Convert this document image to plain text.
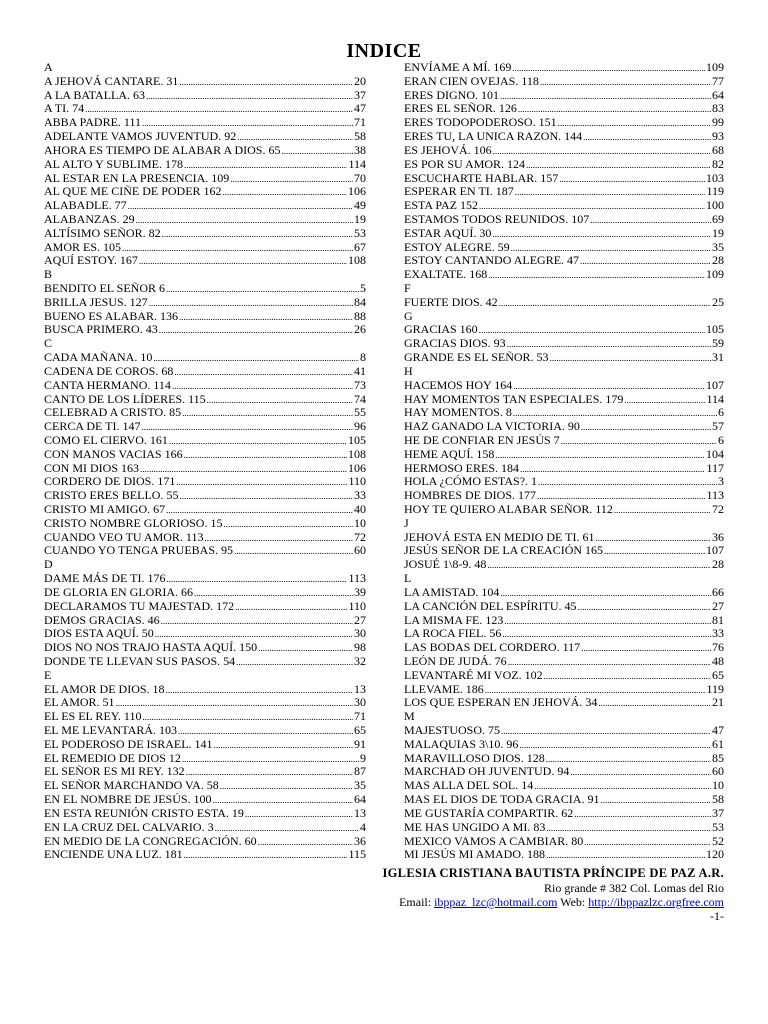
INDICE
A
A JEHOVÁ CANTARE. 31 .....	20
A LA BATALLA. 63 .....	37
A TI. 74 .....	47
ABBA PADRE. 111 .....	71
ADELANTE VAMOS JUVENTUD. 92 .....	58
AHORA ES TIEMPO DE ALABAR A DIOS. 65 .....	38
AL ALTO Y SUBLIME. 178 .....	114
AL ESTAR EN LA PRESENCIA. 109 .....	70
AL QUE ME CIÑE DE PODER 162 .....	106
ALABADLE. 77 .....	49
ALABANZAS. 29 .....	19
ALTÍSIMO SEÑOR. 82 .....	53
AMOR ES. 105 .....	67
AQUÍ ESTOY. 167 .....	108
B
BENDITO EL SEÑOR 6 .....	5
BRILLA JESUS. 127 .....	84
BUENO ES ALABAR. 136 .....	88
BUSCA PRIMERO. 43 .....	26
C
CADA MAÑANA. 10 .....	8
CADENA DE COROS. 68 .....	41
CANTA HERMANO. 114 .....	73
CANTO DE LOS LÍDERES. 115 .....	74
CELEBRAD A CRISTO. 85 .....	55
CERCA DE TI. 147 .....	96
COMO EL CIERVO. 161 .....	105
CON MANOS VACIAS 166 .....	108
CON MI DIOS 163 .....	106
CORDERO DE DIOS. 171 .....	110
CRISTO ERES BELLO. 55 .....	33
CRISTO MI AMIGO. 67 .....	40
CRISTO NOMBRE GLORIOSO. 15 .....	10
CUANDO VEO TU AMOR. 113 .....	72
CUANDO YO TENGA PRUEBAS. 95 .....	60
D
DAME MÁS DE TI. 176 .....	113
DE GLORIA EN GLORIA. 66 .....	39
DECLARAMOS TU MAJESTAD. 172 .....	110
DEMOS GRACIAS. 46 .....	27
DIOS ESTA AQUÍ. 50 .....	30
DIOS NO NOS TRAJO HASTA AQUÍ. 150 .....	98
DONDE TE LLEVAN SUS PASOS. 54 .....	32
E
EL AMOR DE DIOS. 18 .....	13
EL AMOR. 51 .....	30
EL ES EL REY. 110 .....	71
EL ME LEVANTARÁ. 103 .....	65
EL PODEROSO DE ISRAEL. 141 .....	91
EL REMEDIO DE DIOS 12 .....	9
EL SEÑOR ES MI REY. 132 .....	87
EL SEÑOR MARCHANDO VA. 58 .....	35
EN EL NOMBRE DE JESÚS. 100 .....	64
EN ESTA REUNIÓN CRISTO ESTA. 19 .....	13
EN LA CRUZ DEL CALVARIO. 3 .....	4
EN MEDIO DE LA CONGREGACIÓN. 60 .....	36
ENCIENDE UNA LUZ. 181 .....	115
ENVÍAME A MÍ. 169 .....	109
ERAN CIEN OVEJAS. 118 .....	77
ERES DIGNO. 101 .....	64
ERES EL SEÑOR. 126 .....	83
ERES TODOPODEROSO. 151 .....	99
ERES TU, LA UNICA RAZON. 144 .....	93
ES JEHOVÁ. 106 .....	68
ES POR SU AMOR. 124 .....	82
ESCUCHARTE HABLAR. 157 .....	103
ESPERAR EN TI. 187 .....	119
ESTA PAZ 152 .....	100
ESTAMOS TODOS REUNIDOS. 107 .....	69
ESTAR AQUÍ. 30 .....	19
ESTOY ALEGRE. 59 .....	35
ESTOY CANTANDO ALEGRE. 47 .....	28
EXALTATE. 168 .....	109
F
FUERTE DIOS. 42 .....	25
G
GRACIAS 160 .....	105
GRACIAS DIOS. 93 .....	59
GRANDE ES EL SEÑOR. 53 .....	31
H
HACEMOS HOY 164 .....	107
HAY MOMENTOS TAN ESPECIALES. 179 .....	114
HAY MOMENTOS. 8 .....	6
HAZ GANADO LA VICTORIA. 90 .....	57
HE DE CONFIAR EN JESÚS 7 .....	6
HEME AQUÍ. 158 .....	104
HERMOSO ERES. 184 .....	117
HOLA ¿CÓMO ESTAS?. 1 .....	3
HOMBRES DE DIOS. 177 .....	113
HOY TE QUIERO ALABAR SEÑOR. 112 .....	72
J
JEHOVÁ ESTA EN MEDIO DE TI. 61 .....	36
JESÚS SEÑOR DE LA CREACIÓN 165 .....	107
JOSUÉ 1\8-9. 48 .....	28
L
LA AMISTAD. 104 .....	66
LA CANCIÓN DEL ESPÍRITU. 45 .....	27
LA MISMA FE. 123 .....	81
LA ROCA FIEL. 56 .....	33
LAS BODAS DEL CORDERO. 117 .....	76
LEÓN DE JUDÁ. 76 .....	48
LEVANTARÉ MI VOZ. 102 .....	65
LLEVAME. 186 .....	119
LOS QUE ESPERAN EN JEHOVÁ. 34 .....	21
M
MAJESTUOSO. 75 .....	47
MALAQUIAS 3\10. 96 .....	61
MARAVILLOSO DIOS. 128 .....	85
MARCHAD OH JUVENTUD. 94 .....	60
MAS ALLA DEL SOL. 14 .....	10
MAS EL DIOS DE TODA GRACIA. 91 .....	58
ME GUSTARÍA COMPARTIR. 62 .....	37
ME HAS UNGIDO A MI. 83 .....	53
MEXICO VAMOS A CAMBIAR. 80 .....	52
MI JESÚS MI AMADO. 188 .....	120
IGLESIA CRISTIANA BAUTISTA PRÍNCIPE DE PAZ A.R.
Rio grande # 382 Col. Lomas del Rio
Email: ibppaz_lzc@hotmail.com Web: http://ibppazlzc.orgfree.com
-1-
